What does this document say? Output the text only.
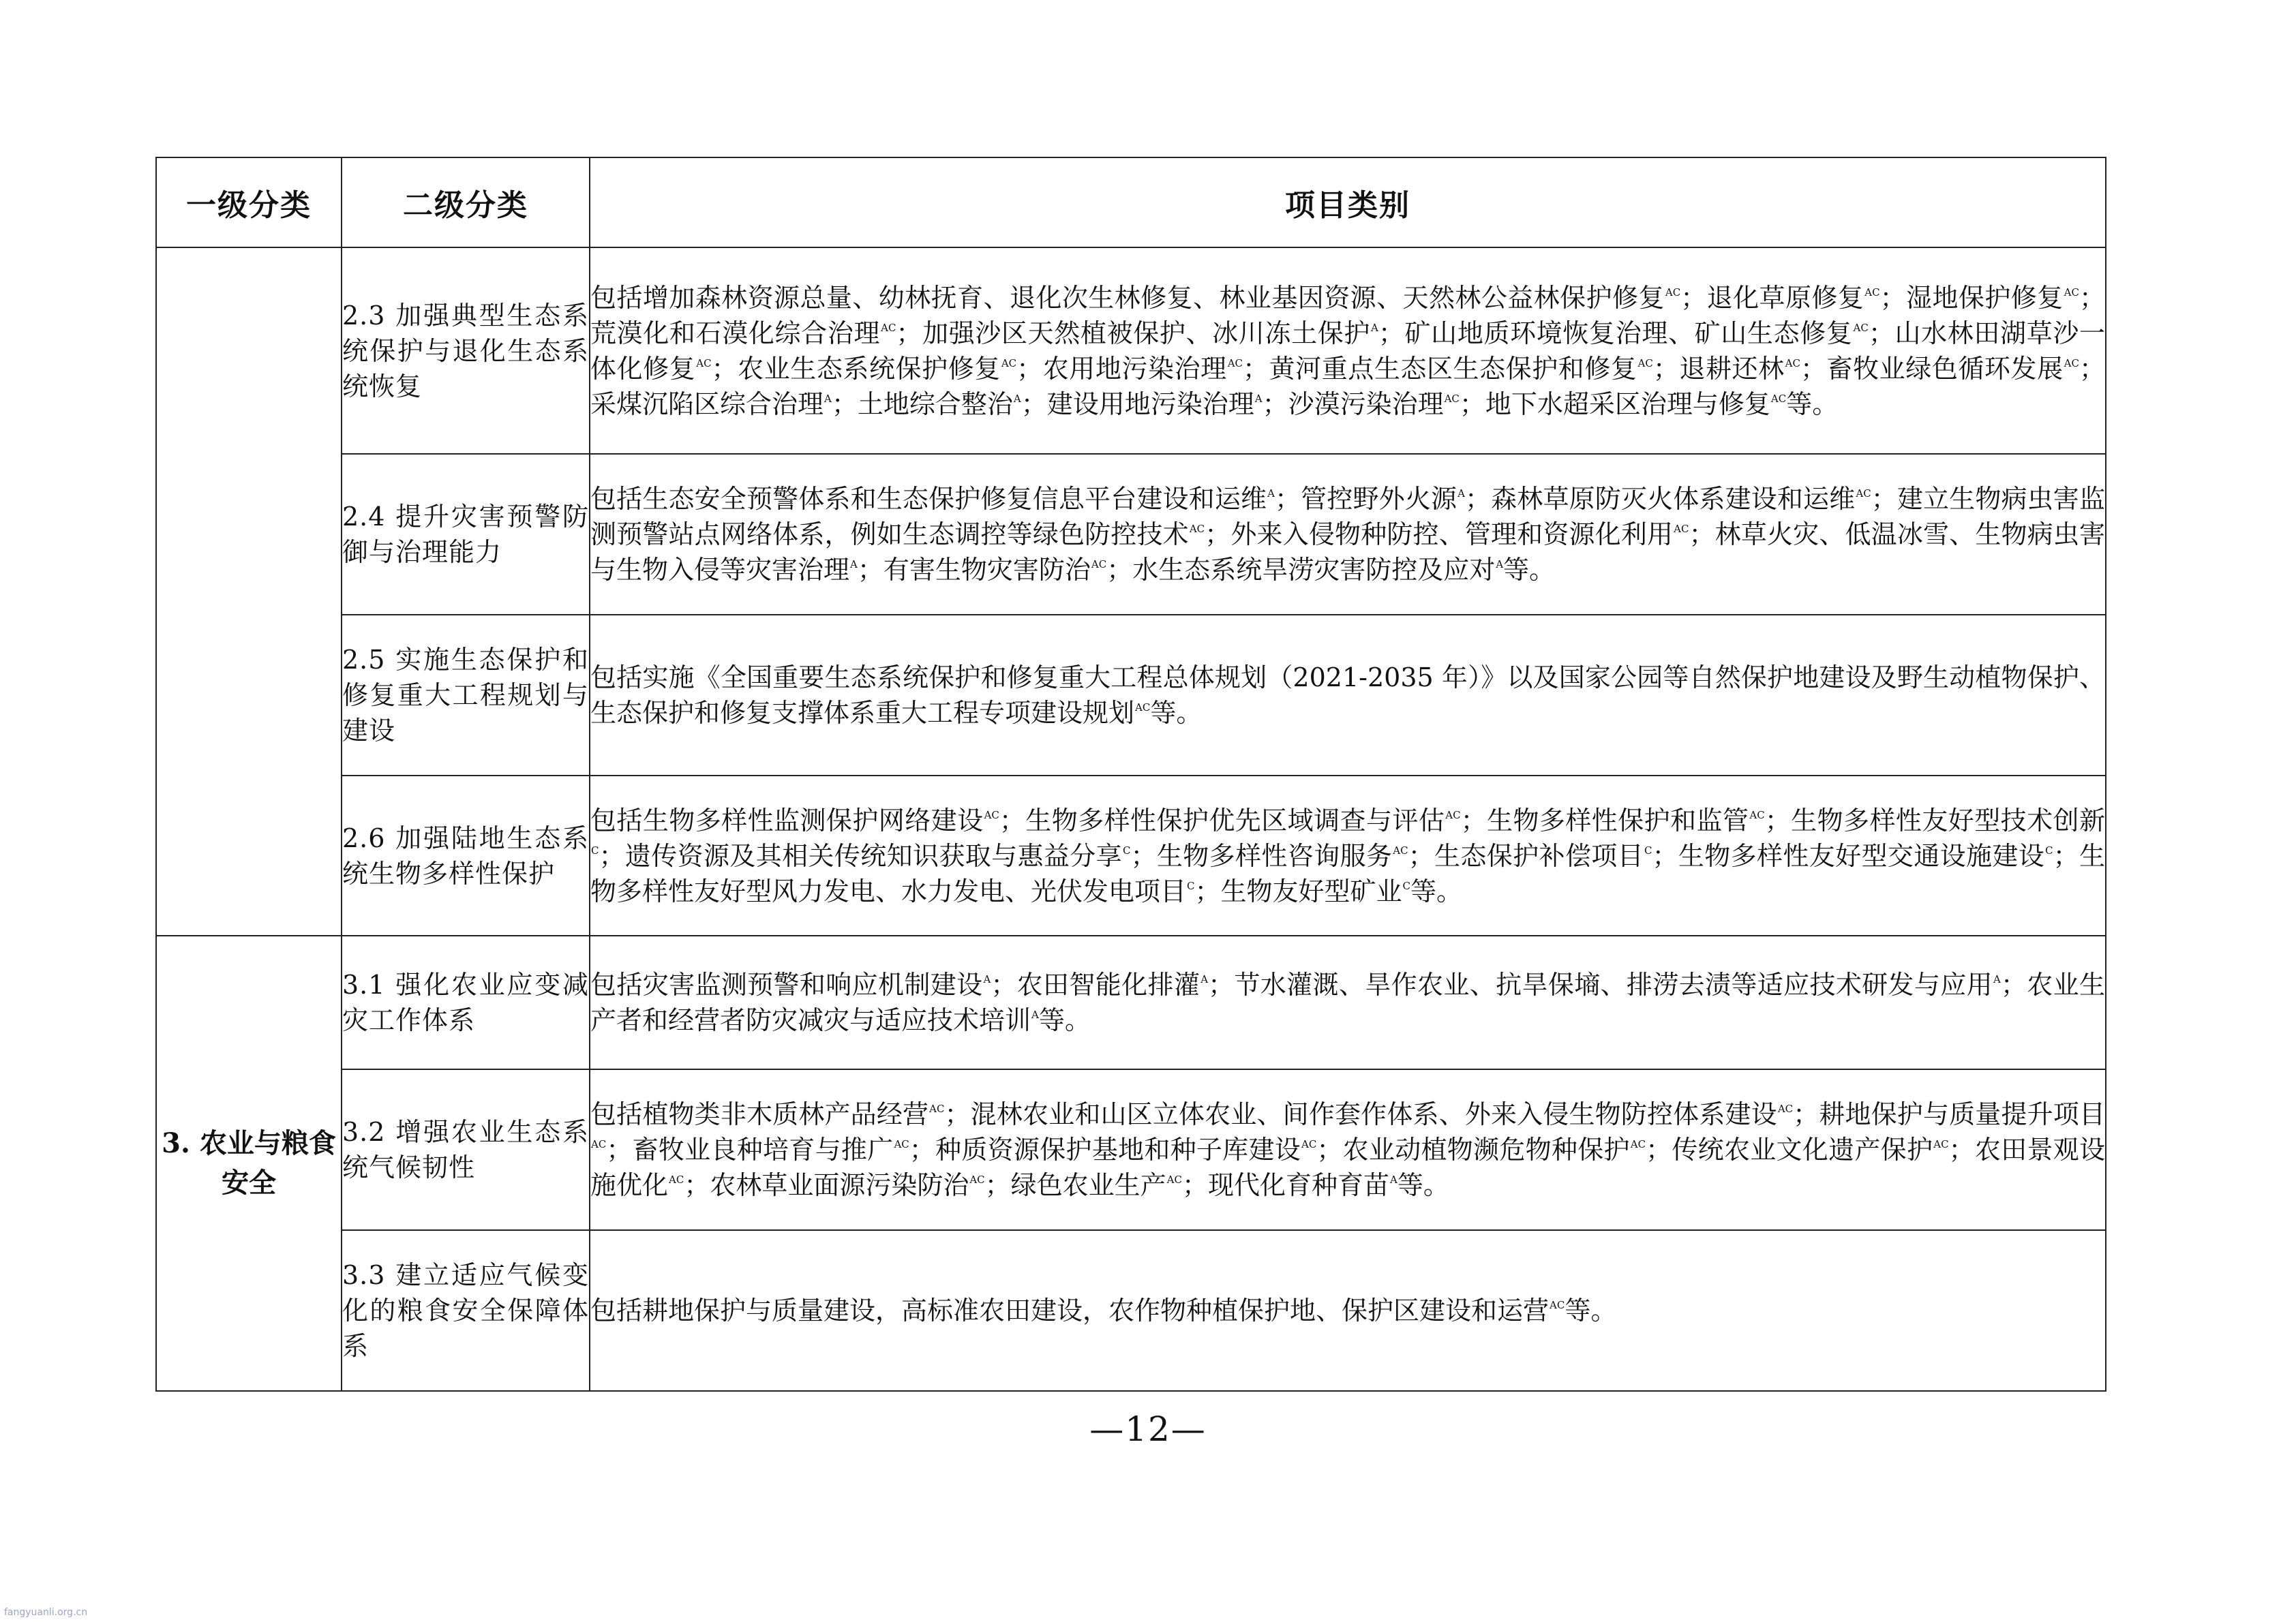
一级分类	二级分类	项目类别
	2.3 加强典型生态系统保护与退化生态系统恢复	包括增加森林资源总量、幼林抚育、退化次生林修复、林业基因资源、天然林公益林保护修复$^{AC}$；退化草原修复$^{AC}$；湿地保护修复$^{AC}$；荒漠化和石漠化综合治理$^{AC}$；加强沙区天然植被保护、冰川冻土保护$^A$；矿山地质环境恢复治理、矿山生态修复$^{AC}$；山水林田湖草沙一体化修复$^{AC}$；农业生态系统保护修复$^{AC}$；农用地污染治理$^{AC}$；黄河重点生态区生态保护和修复$^{AC}$；退耕还林$^{AC}$；畜牧业绿色循环发展$^{AC}$；采煤沉陷区综合治理$^A$；土地综合整治$^A$；建设用地污染治理$^A$；沙漠污染治理$^{AC}$；地下水超采区治理与修复$^{AC}$等。
	2.4 提升灾害预警防御与治理能力	包括生态安全预警体系和生态保护修复信息平台建设和运维$^A$；管控野外火源$^A$；森林草原防灭火体系建设和运维$^{AC}$；建立生物病虫害监测预警站点网络体系，例如生态调控等绿色防控技术$^{AC}$；外来入侵物种防控、管理和资源化利用$^{AC}$；林草火灾、低温冰雪、生物病虫害与生物入侵等灾害治理$^A$；有害生物灾害防治$^{AC}$；水生态系统旱涝灾害防控及应对$^A$等。
	2.5 实施生态保护和修复重大工程规划与建设	包括实施《全国重要生态系统保护和修复重大工程总体规划（2021-2035 年）》以及国家公园等自然保护地建设及野生动植物保护、生态保护和修复支撑体系重大工程专项建设规划$^{AC}$等。
	2.6 加强陆地生态系统生物多样性保护	包括生物多样性监测保护网络建设$^{AC}$；生物多样性保护优先区域调查与评估$^{AC}$；生物多样性保护和监管$^{AC}$；生物多样性友好型技术创新$^C$；遗传资源及其相关传统知识获取与惠益分享$^C$；生物多样性咨询服务$^{AC}$；生态保护补偿项目$^C$；生物多样性友好型交通设施建设$^C$；生物多样性友好型风力发电、水力发电、光伏发电项目$^C$；生物友好型矿业$^C$等。
3. 农业与粮食安全	3.1 强化农业应变减灾工作体系	包括灾害监测预警和响应机制建设$^A$；农田智能化排灌$^A$；节水灌溉、旱作农业、抗旱保墒、排涝去渍等适应技术研发与应用$^A$；农业生产者和经营者防灾减灾与适应技术培训$^A$等。
	3.2 增强农业生态系统气候韧性	包括植物类非木质林产品经营$^{AC}$；混林农业和山区立体农业、间作套作体系、外来入侵生物防控体系建设$^{AC}$；耕地保护与质量提升项目$^{AC}$；畜牧业良种培育与推广$^{AC}$；种质资源保护基地和种子库建设$^{AC}$；农业动植物濒危物种保护$^{AC}$；传统农业文化遗产保护$^{AC}$；农田景观设施优化$^{AC}$；农林草业面源污染防治$^{AC}$；绿色农业生产$^{AC}$；现代化育种育苗$^A$等。
	3.3 建立适应气候变化的粮食安全保障体系	包括耕地保护与质量建设，高标准农田建设，农作物种植保护地、保护区建设和运营$^{AC}$等。
—12—
fangyuanli.org.cn
